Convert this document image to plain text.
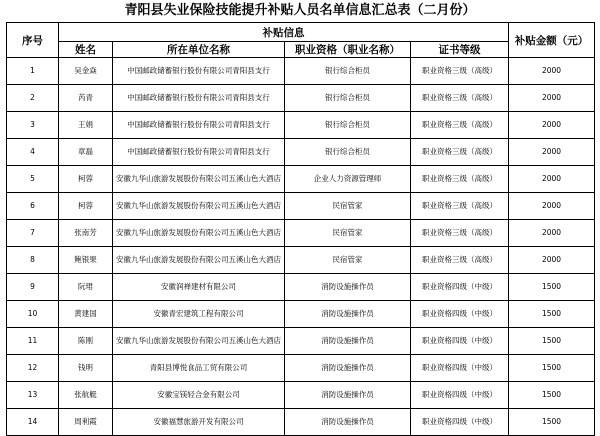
青阳县失业保险技能提升补贴人员名单信息汇总表（二月份）
序号	补贴信息				补贴金额（元）
	姓名	所在单位名称	职业资格（职业名称）	证书等级	
1	吴金焱	中国邮政储蓄银行股份有限公司青阳县支行	银行综合柜员	职业资格三级（高级）	2000
2	芮青	中国邮政储蓄银行股份有限公司青阳县支行	银行综合柜员	职业资格三级（高级）	2000
3	王娟	中国邮政储蓄银行股份有限公司青阳县支行	银行综合柜员	职业资格三级（高级）	2000
4	章磊	中国邮政储蓄银行股份有限公司青阳县支行	银行综合柜员	职业资格三级（高级）	2000
5	柯蓉	安徽九华山旅游发展股份有限公司五溪山色大酒店	企业人力资源管理师	职业资格三级（高级）	2000
6	柯蓉	安徽九华山旅游发展股份有限公司五溪山色大酒店	民宿管家	职业资格三级（高级）	2000
7	张南芳	安徽九华山旅游发展股份有限公司五溪山色大酒店	民宿管家	职业资格三级（高级）	2000
8	鲍银果	安徽九华山旅游发展股份有限公司五溪山色大酒店	民宿管家	职业资格三级（高级）	2000
9	阮珺	安徽润禅建材有限公司	消防设施操作员	职业资格四级（中级）	1500
10	黄建国	安徽青宏建筑工程有限公司	消防设施操作员	职业资格四级（中级）	1500
11	陈刚	安徽九华山旅游发展股份有限公司五溪山色大酒店	消防设施操作员	职业资格四级（中级）	1500
12	钱明	青阳县博悦食品工贸有限公司	消防设施操作员	职业资格四级（中级）	1500
13	张航艇	安徽宝镁轻合金有限公司	消防设施操作员	职业资格四级（中级）	1500
14	周利霞	安徽福慧旅游开发有限公司	消防设施操作员	职业资格四级（中级）	1500
